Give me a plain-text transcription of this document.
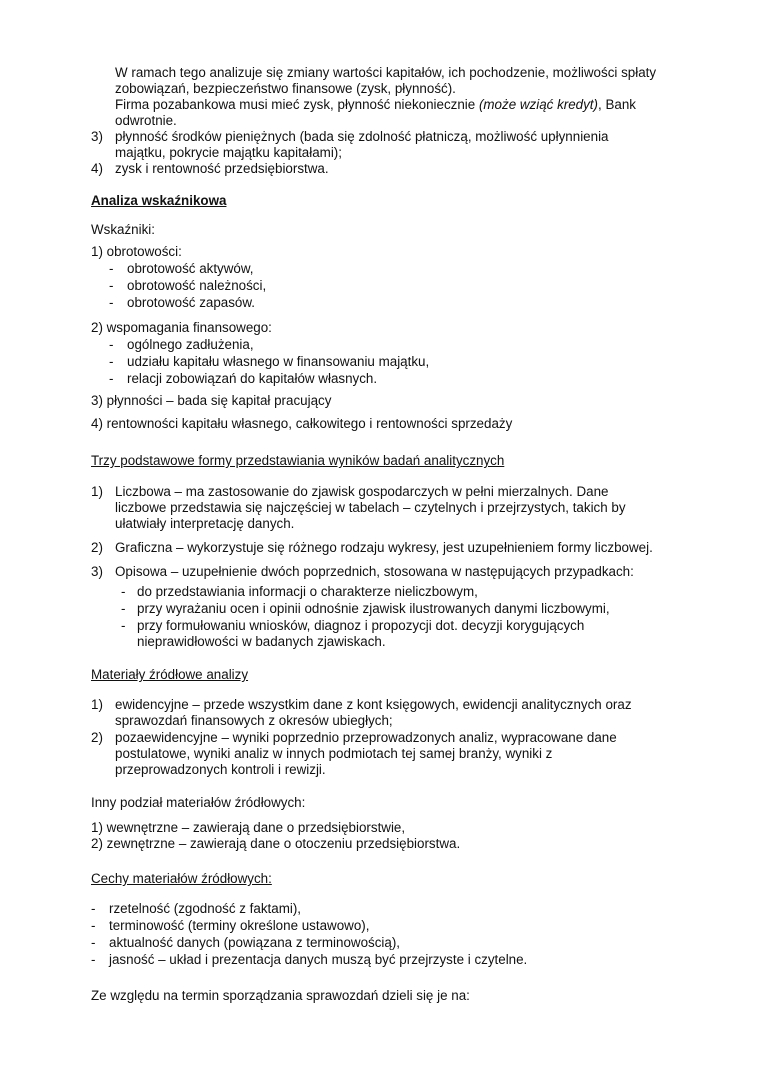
W ramach tego analizuje się zmiany wartości kapitałów, ich pochodzenie, możliwości spłaty
zobowiązań, bezpieczeństwo finansowe (zysk, płynność).
Firma pozabankowa musi mieć zysk, płynność niekoniecznie (może wziąć kredyt), Bank
odwrotnie.
3) płynność środków pieniężnych (bada się zdolność płatniczą, możliwość upłynnienia
majątku, pokrycie majątku kapitałami);
4) zysk i rentowność przedsiębiorstwa.
Analiza wskaźnikowa
Wskaźniki:
1) obrotowości:
- obrotowość aktywów,
- obrotowość należności,
- obrotowość zapasów.
2) wspomagania finansowego:
- ogólnego zadłużenia,
- udziału kapitału własnego w finansowaniu majątku,
- relacji zobowiązań do kapitałów własnych.
3) płynności – bada się kapitał pracujący
4) rentowności kapitału własnego, całkowitego i rentowności sprzedaży
Trzy podstawowe formy przedstawiania wyników badań analitycznych
1) Liczbowa – ma zastosowanie do zjawisk gospodarczych w pełni mierzalnych. Dane
liczbowe przedstawia się najczęściej w tabelach – czytelnych i przejrzystych, takich by
ułatwiały interpretację danych.
2) Graficzna – wykorzystuje się różnego rodzaju wykresy, jest uzupełnieniem formy liczbowej.
3) Opisowa – uzupełnienie dwóch poprzednich, stosowana w następujących przypadkach:
- do przedstawiania informacji o charakterze nieliczbowym,
- przy wyrażaniu ocen i opinii odnośnie zjawisk ilustrowanych danymi liczbowymi,
- przy formułowaniu wniosków, diagnoz i propozycji dot. decyzji korygujących
nieprawidłowości w badanych zjawiskach.
Materiały źródłowe analizy
1) ewidencyjne – przede wszystkim dane z kont księgowych, ewidencji analitycznych oraz
sprawozdań finansowych z okresów ubiegłych;
2) pozaewidencyjne – wyniki poprzednio przeprowadzonych analiz, wypracowane dane
postulatowe, wyniki analiz w innych podmiotach tej samej branży, wyniki z
przeprowadzonych kontroli i rewizji.
Inny podział materiałów źródłowych:
1) wewnętrzne – zawierają dane o przedsiębiorstwie,
2) zewnętrzne – zawierają dane o otoczeniu przedsiębiorstwa.
Cechy materiałów źródłowych:
- rzetelność (zgodność z faktami),
- terminowość (terminy określone ustawowo),
- aktualność danych (powiązana z terminowością),
- jasność – układ i prezentacja danych muszą być przejrzyste i czytelne.
Ze względu na termin sporządzania sprawozdań dzieli się je na:
